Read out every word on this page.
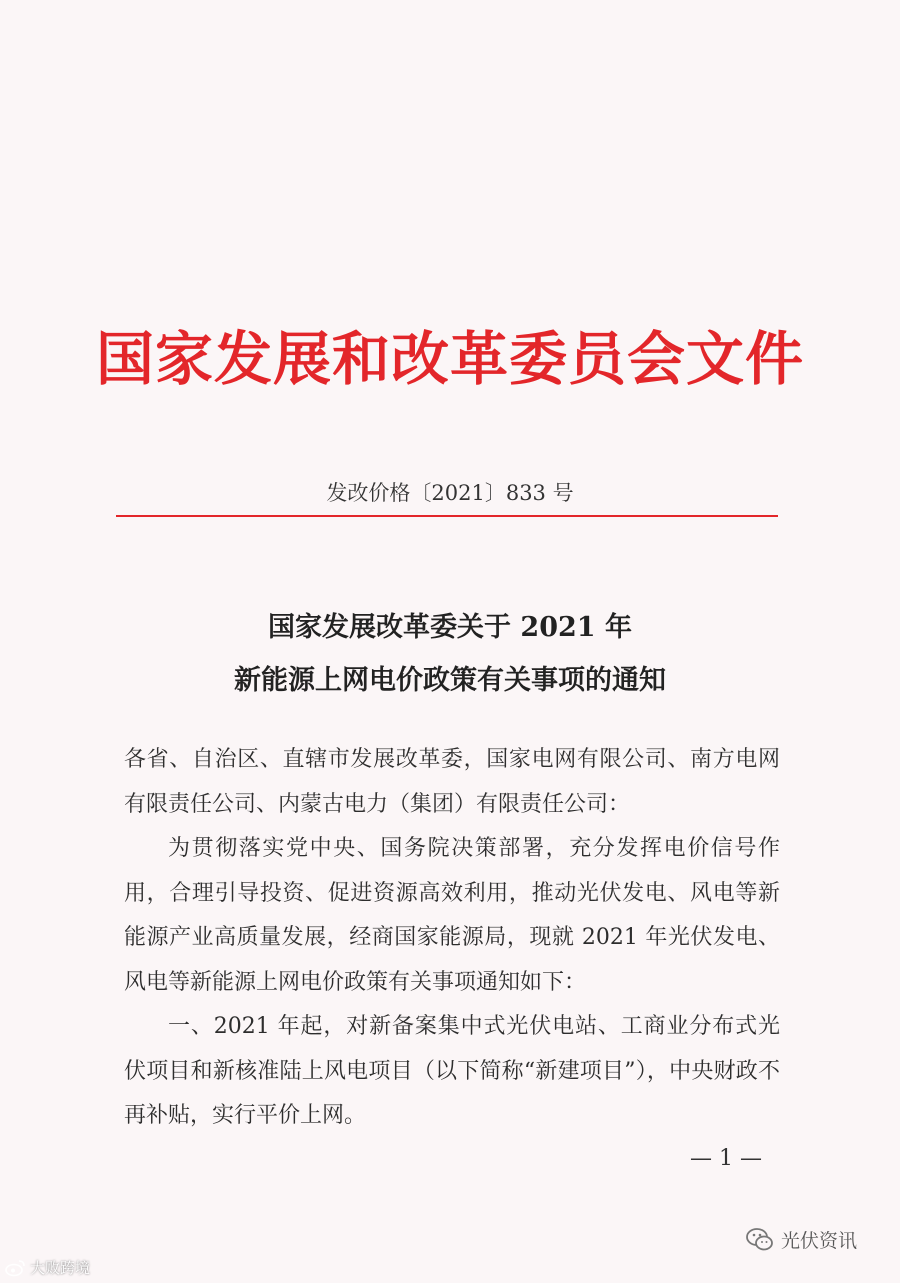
国家发展和改革委员会文件
发改价格〔2021〕833 号
国家发展改革委关于 2021 年
新能源上网电价政策有关事项的通知

各省、自治区、直辖市发展改革委，国家电网有限公司、南方电网有限责任公司、内蒙古电力（集团）有限责任公司：

为贯彻落实党中央、国务院决策部署，充分发挥电价信号作用，合理引导投资、促进资源高效利用，推动光伏发电、风电等新能源产业高质量发展，经商国家能源局，现就 2021 年光伏发电、风电等新能源上网电价政策有关事项通知如下：

一、2021 年起，对新备案集中式光伏电站、工商业分布式光伏项目和新核准陆上风电项目（以下简称“新建项目”），中央财政不再补贴，实行平价上网。

— 1 —
光伏资讯
大败跨境
